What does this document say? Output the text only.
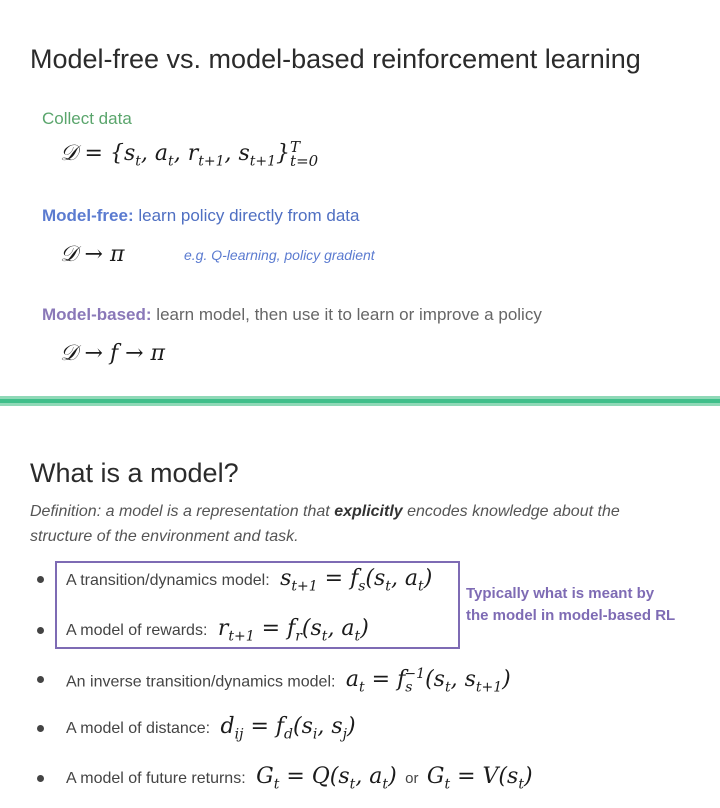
Model-free vs. model-based reinforcement learning
Collect data
𝒟 = {$s_t$, $a_t$, $r_{t+1}$, $s_{t+1}$} T
t=0
Model-free: learn policy directly from data
𝒟 → π	e.g. Q-learning, policy gradient
Model-based: learn model, then use it to learn or improve a policy
𝒟 → f → π
What is a model?
Definition: a model is a representation that explicitly encodes knowledge about the
structure of the environment and task.
Typically what is meant by
the model in model-based RL
A transition/dynamics model: $s_{t+1} = f_s(s_t$, $a_t$)
A model of rewards: $r_{t+1} = f_r(s_t$, $a_t$)
An inverse transition/dynamics model: $a_t = f_s^{-1}(s_t$, $s_{t+1}$)
A model of distance: $d_{ij} = f_d(s_i$, $s_j$)
A model of future returns: $G_t = Q(s_t$, $a_t$) or $G_t = V(s_t)$
